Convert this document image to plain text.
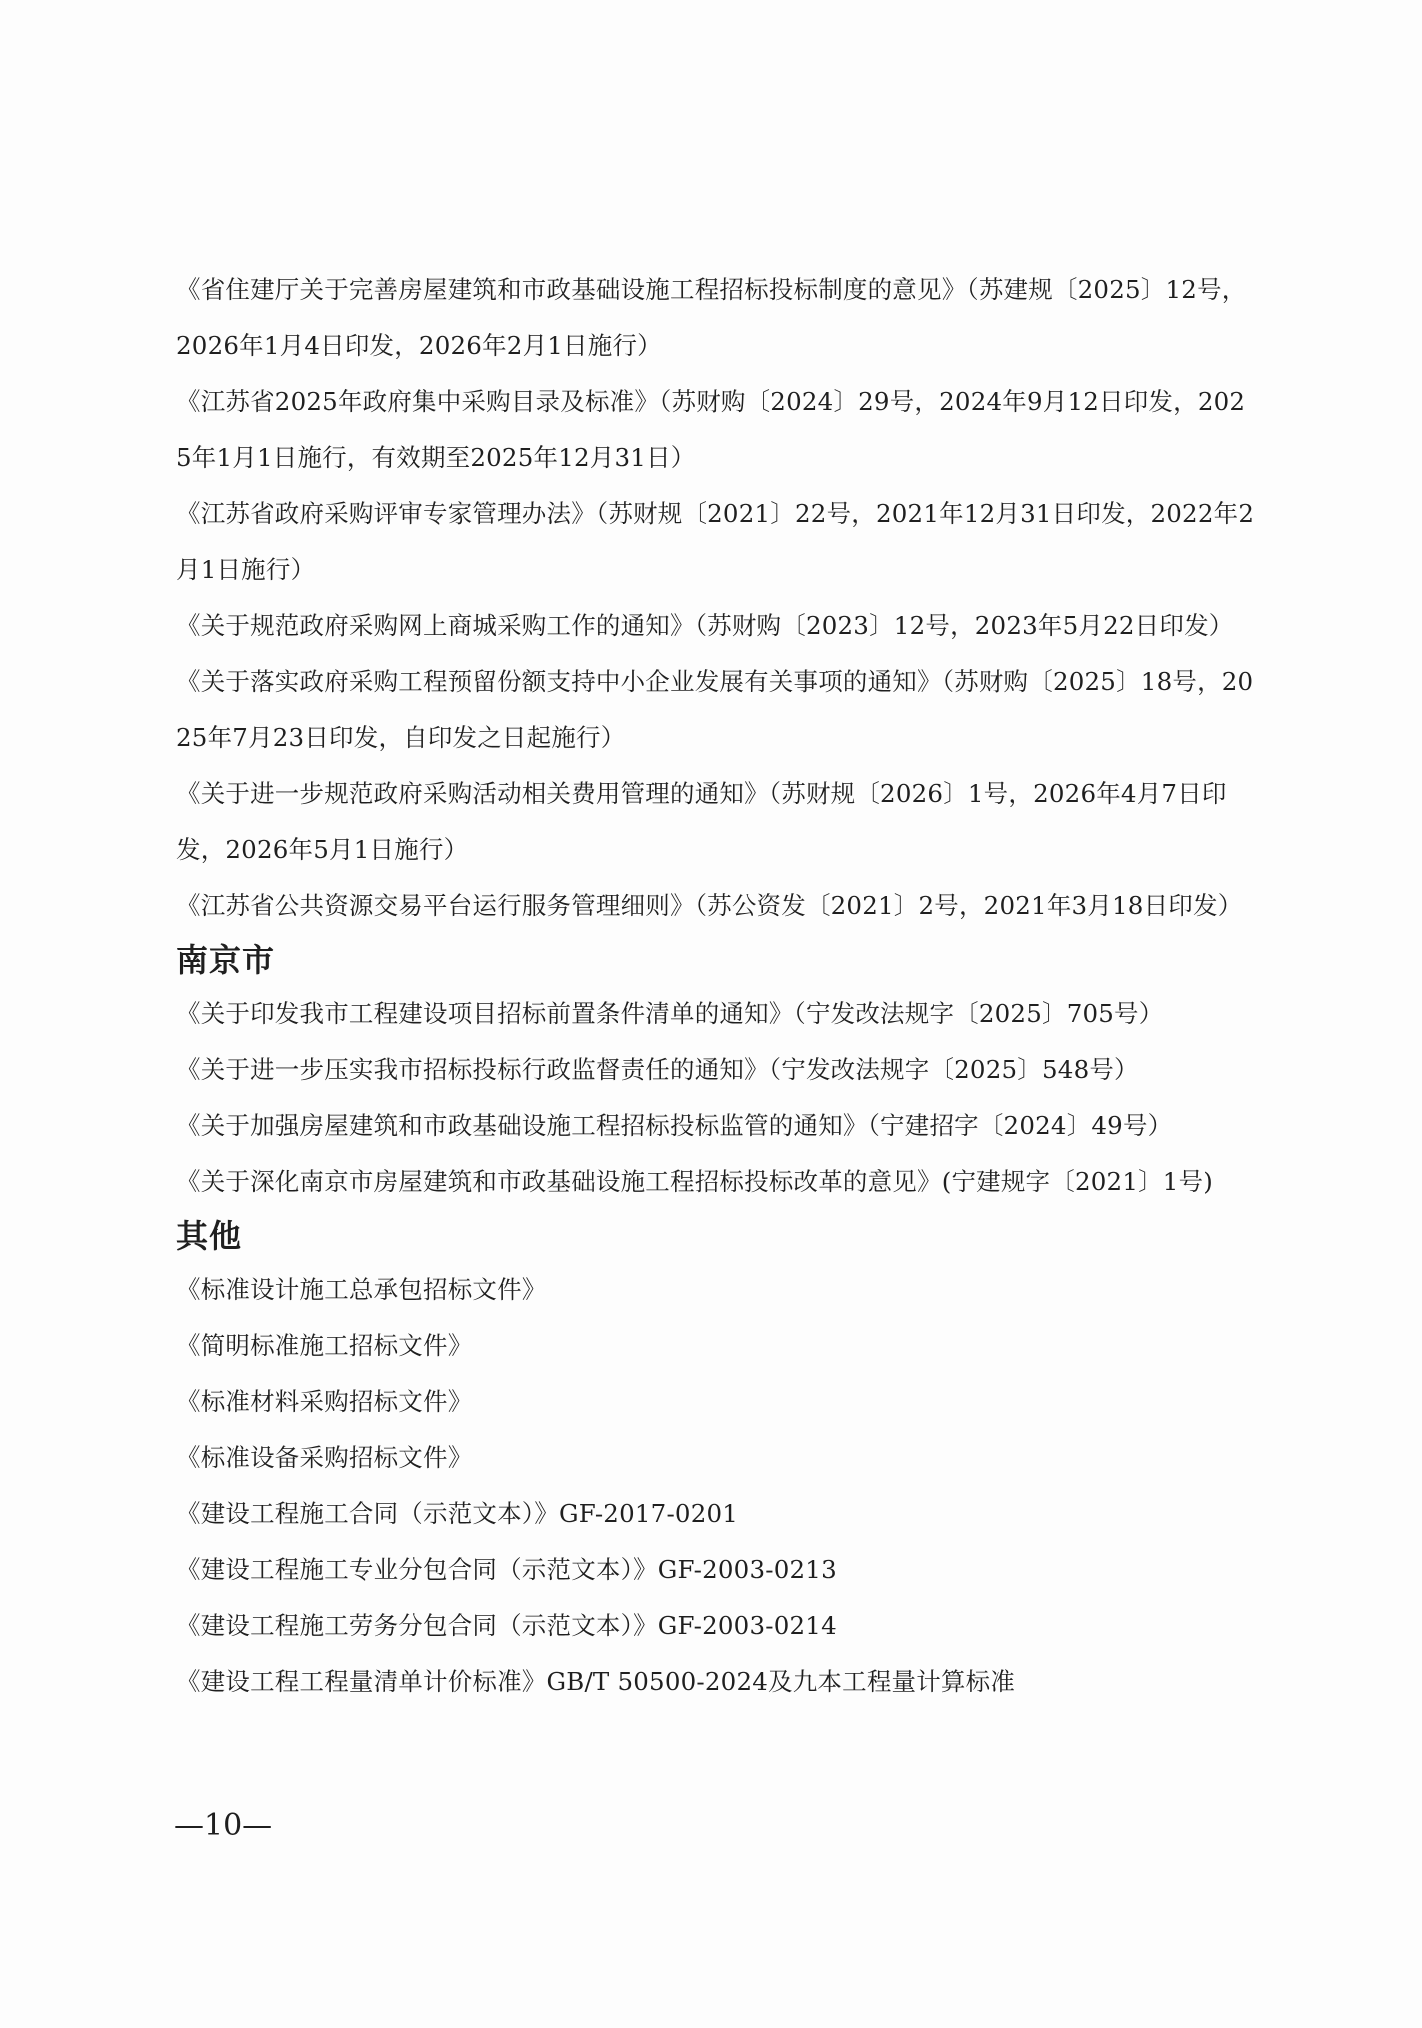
《省住建厅关于完善房屋建筑和市政基础设施工程招标投标制度的意见》（苏建规〔2025〕12号，2026年1月4日印发，2026年2月1日施行）

《江苏省2025年政府集中采购目录及标准》（苏财购〔2024〕29号，2024年9月12日印发，2025年1月1日施行，有效期至2025年12月31日）

《江苏省政府采购评审专家管理办法》（苏财规〔2021〕22号，2021年12月31日印发，2022年2月1日施行）

《关于规范政府采购网上商城采购工作的通知》（苏财购〔2023〕12号，2023年5月22日印发）

《关于落实政府采购工程预留份额支持中小企业发展有关事项的通知》（苏财购〔2025〕18号，2025年7月23日印发，自印发之日起施行）

《关于进一步规范政府采购活动相关费用管理的通知》（苏财规〔2026〕1号，2026年4月7日印发，2026年5月1日施行）

《江苏省公共资源交易平台运行服务管理细则》（苏公资发〔2021〕2号，2021年3月18日印发）

南京市

《关于印发我市工程建设项目招标前置条件清单的通知》（宁发改法规字〔2025〕705号）

《关于进一步压实我市招标投标行政监督责任的通知》（宁发改法规字〔2025〕548号）

《关于加强房屋建筑和市政基础设施工程招标投标监管的通知》（宁建招字〔2024〕49号）

《关于深化南京市房屋建筑和市政基础设施工程招标投标改革的意见》(宁建规字〔2021〕1号)

其他

《标准设计施工总承包招标文件》

《简明标准施工招标文件》

《标准材料采购招标文件》

《标准设备采购招标文件》

《建设工程施工合同（示范文本）》GF-2017-0201

《建设工程施工专业分包合同（示范文本）》GF-2003-0213

《建设工程施工劳务分包合同（示范文本）》GF-2003-0214

《建设工程工程量清单计价标准》GB/T 50500-2024及九本工程量计算标准

—10—
